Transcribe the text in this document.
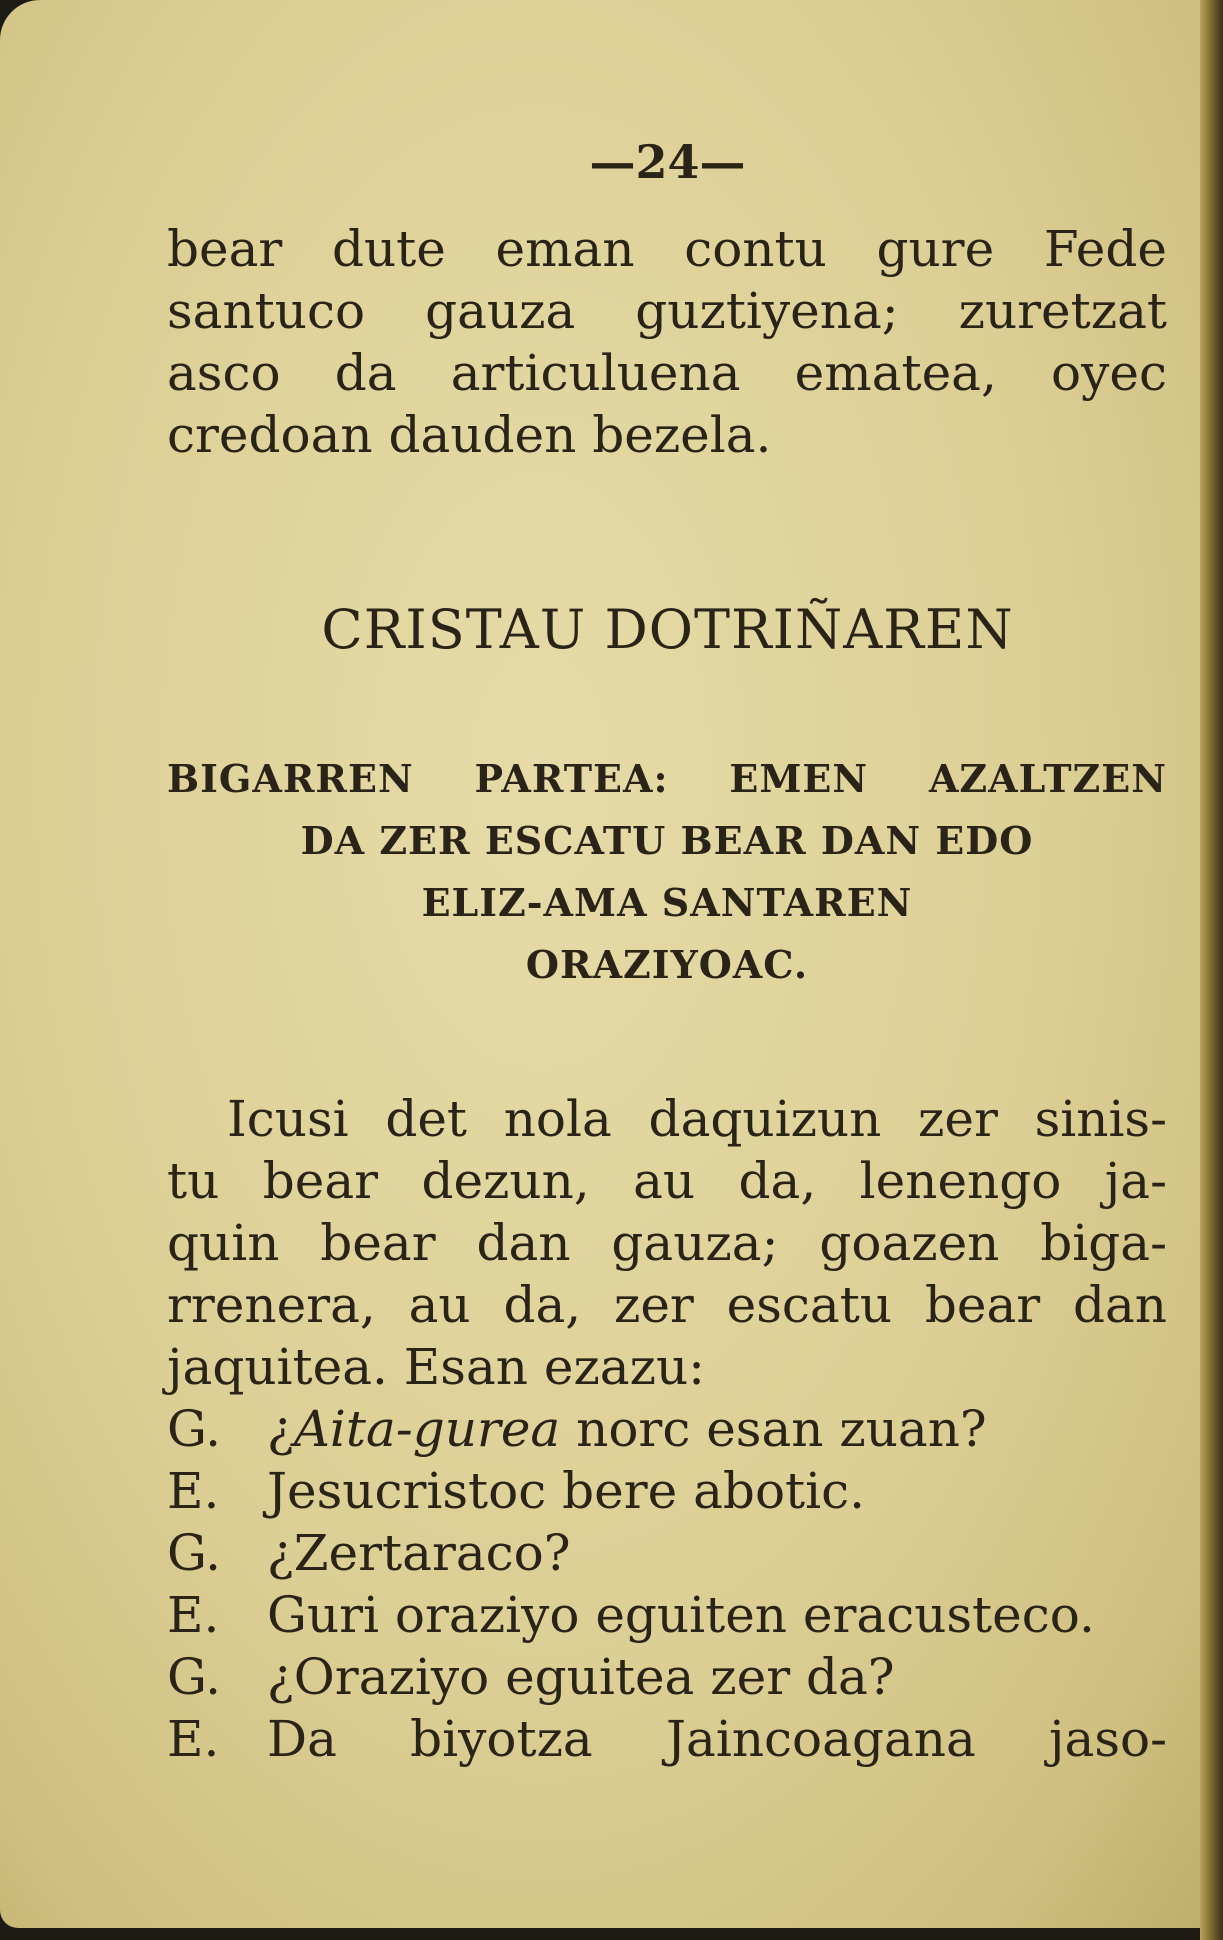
—24—
bear dute eman contu gure Fede
santuco gauza guztiyena; zuretzat
asco da articuluena ematea, oyec
credoan dauden bezela.
CRISTAU DOTRIÑAREN
BIGARREN PARTEA: EMEN AZALTZEN
DA ZER ESCATU BEAR DAN EDO
ELIZ-AMA SANTAREN
ORAZIYOAC.
Icusi det nola daquizun zer sinis-
tu bear dezun, au da, lenengo ja-
quin bear dan gauza; goazen biga-
rrenera, au da, zer escatu bear dan
jaquitea. Esan ezazu:
G. ¿Aita-gurea norc esan zuan?
E. Jesucristoc bere abotic.
G. ¿Zertaraco?
E. Guri oraziyo eguiten eracusteco.
G. ¿Oraziyo eguitea zer da?
E. Da biyotza Jaincoagana jaso-
